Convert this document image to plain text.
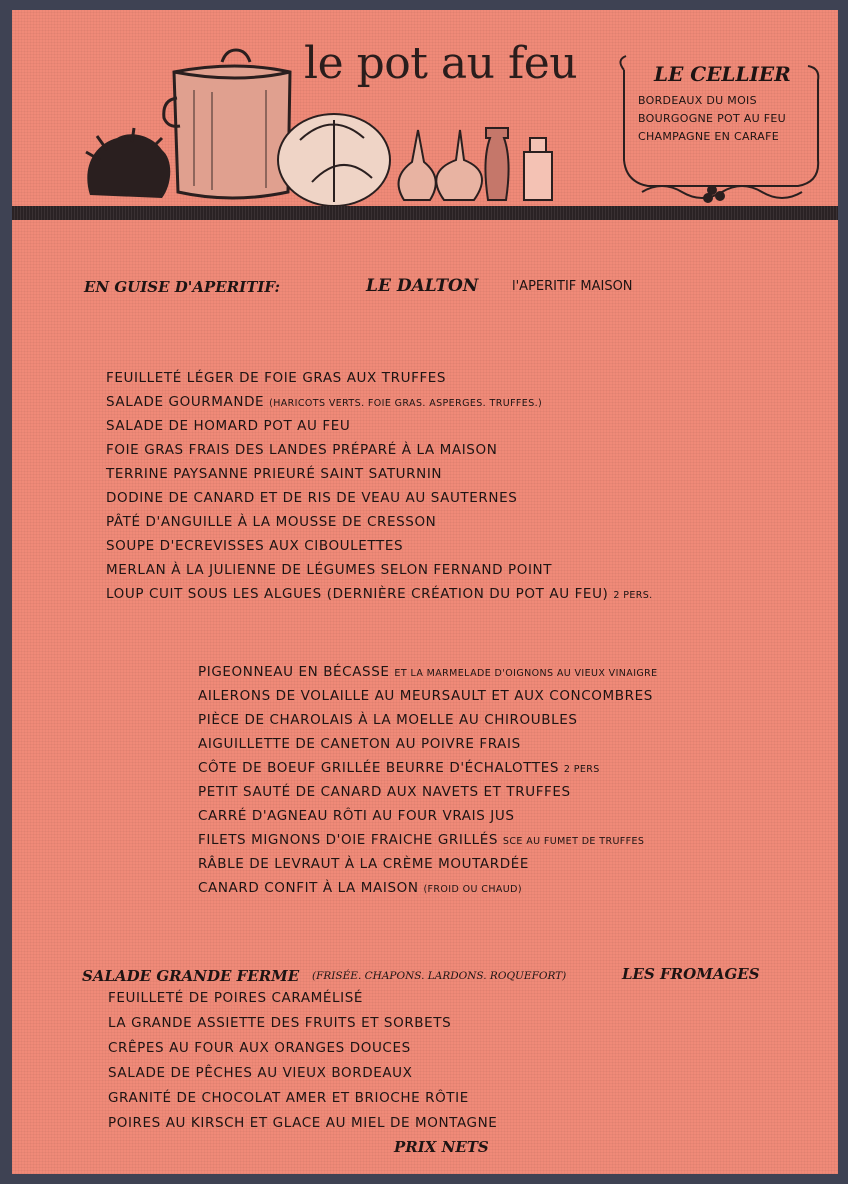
le pot au feu	LE CELLIER
BORDEAUX DU MOIS
BOURGOGNE POT AU FEU
CHAMPAGNE EN CARAFE
EN GUISE D'APERITIF:	LE DALTON	l'APERITIF MAISON
FEUILLETÉ LÉGER DE FOIE GRAS AUX TRUFFES
SALADE GOURMANDE (HARICOTS VERTS. FOIE GRAS. ASPERGES. TRUFFES.)
SALADE DE HOMARD POT AU FEU
FOIE GRAS FRAIS DES LANDES PRÉPARÉ À LA MAISON
TERRINE PAYSANNE PRIEURÉ SAINT SATURNIN
DODINE DE CANARD ET DE RIS DE VEAU AU SAUTERNES
PÂTÉ D'ANGUILLE À LA MOUSSE DE CRESSON
SOUPE D'ECREVISSES AUX CIBOULETTES
MERLAN À LA JULIENNE DE LÉGUMES SELON FERNAND POINT
LOUP CUIT SOUS LES ALGUES (DERNIÈRE CRÉATION DU POT AU FEU) 2 PERS.
PIGEONNEAU EN BÉCASSE ET LA MARMELADE D'OIGNONS AU VIEUX VINAIGRE
AILERONS DE VOLAILLE AU MEURSAULT ET AUX CONCOMBRES
PIÈCE DE CHAROLAIS À LA MOELLE AU CHIROUBLES
AIGUILLETTE DE CANETON AU POIVRE FRAIS
CÔTE DE BOEUF GRILLÉE BEURRE D'ÉCHALOTTES 2 PERS
PETIT SAUTÉ DE CANARD AUX NAVETS ET TRUFFES
CARRÉ D'AGNEAU RÔTI AU FOUR VRAIS JUS
FILETS MIGNONS D'OIE FRAICHE GRILLÉS SCE AU FUMET DE TRUFFES
RÂBLE DE LEVRAUT À LA CRÈME MOUTARDÉE
CANARD CONFIT À LA MAISON (FROID OU CHAUD)
SALADE GRANDE FERME (FRISÉE. CHAPONS. LARDONS. ROQUEFORT)	LES FROMAGES
FEUILLETÉ DE POIRES CARAMÉLISÉ
LA GRANDE ASSIETTE DES FRUITS ET SORBETS
CRÊPES AU FOUR AUX ORANGES DOUCES
SALADE DE PÊCHES AU VIEUX BORDEAUX
GRANITÉ DE CHOCOLAT AMER ET BRIOCHE RÔTIE
POIRES AU KIRSCH ET GLACE AU MIEL DE MONTAGNE
PRIX NETS
